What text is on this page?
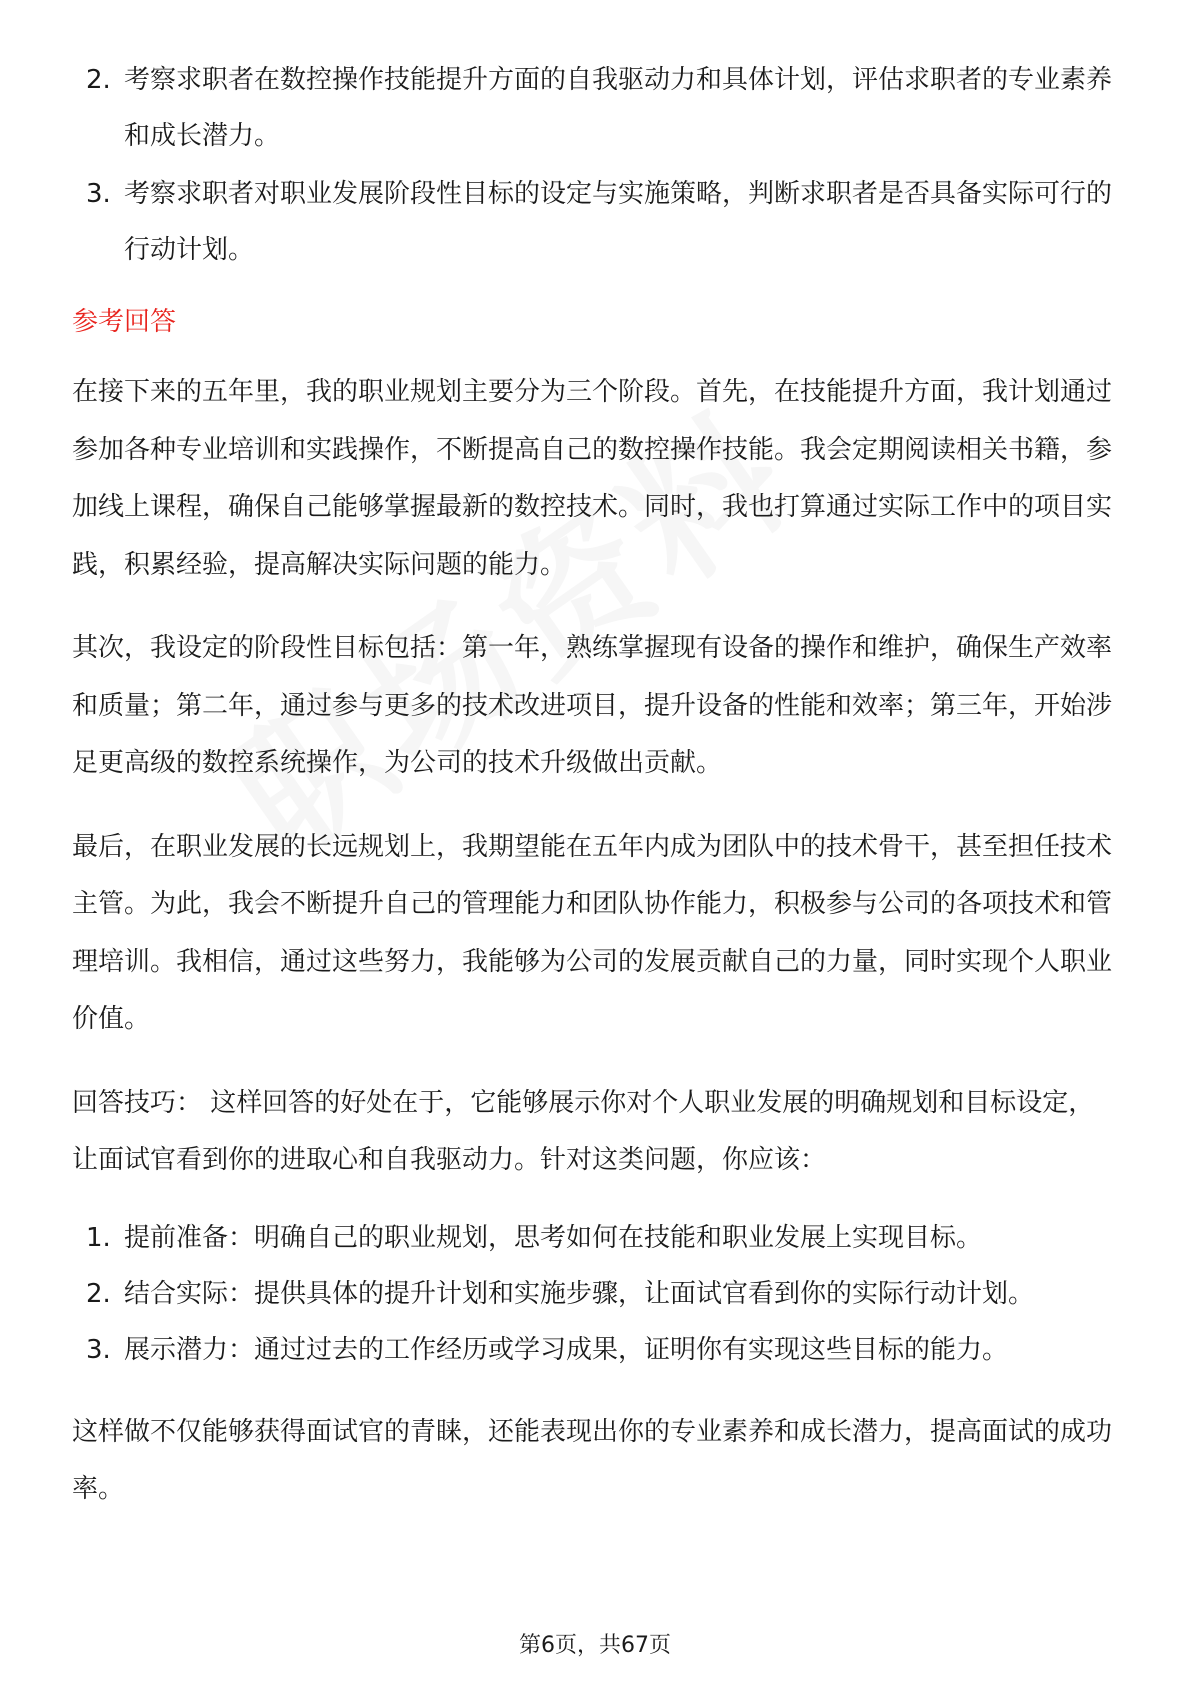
2. 考察求职者在数控操作技能提升方面的自我驱动力和具体计划，评估求职者的专业素养和成长潜力。
3. 考察求职者对职业发展阶段性目标的设定与实施策略，判断求职者是否具备实际可行的行动计划。
参考回答

在接下来的五年里，我的职业规划主要分为三个阶段。首先，在技能提升方面，我计划通过参加各种专业培训和实践操作，不断提高自己的数控操作技能。我会定期阅读相关书籍，参加线上课程，确保自己能够掌握最新的数控技术。同时，我也打算通过实际工作中的项目实践，积累经验，提高解决实际问题的能力。

其次，我设定的阶段性目标包括：第一年，熟练掌握现有设备的操作和维护，确保生产效率和质量；第二年，通过参与更多的技术改进项目，提升设备的性能和效率；第三年，开始涉足更高级的数控系统操作，为公司的技术升级做出贡献。

最后，在职业发展的长远规划上，我期望能在五年内成为团队中的技术骨干，甚至担任技术主管。为此，我会不断提升自己的管理能力和团队协作能力，积极参与公司的各项技术和管理培训。我相信，通过这些努力，我能够为公司的发展贡献自己的力量，同时实现个人职业价值。

回答技巧： 这样回答的好处在于，它能够展示你对个人职业发展的明确规划和目标设定，让面试官看到你的进取心和自我驱动力。针对这类问题，你应该：

1. 提前准备：明确自己的职业规划，思考如何在技能和职业发展上实现目标。
2. 结合实际：提供具体的提升计划和实施步骤，让面试官看到你的实际行动计划。
3. 展示潜力：通过过去的工作经历或学习成果，证明你有实现这些目标的能力。

这样做不仅能够获得面试官的青睐，还能表现出你的专业素养和成长潜力，提高面试的成功率。

第6页，共67页
